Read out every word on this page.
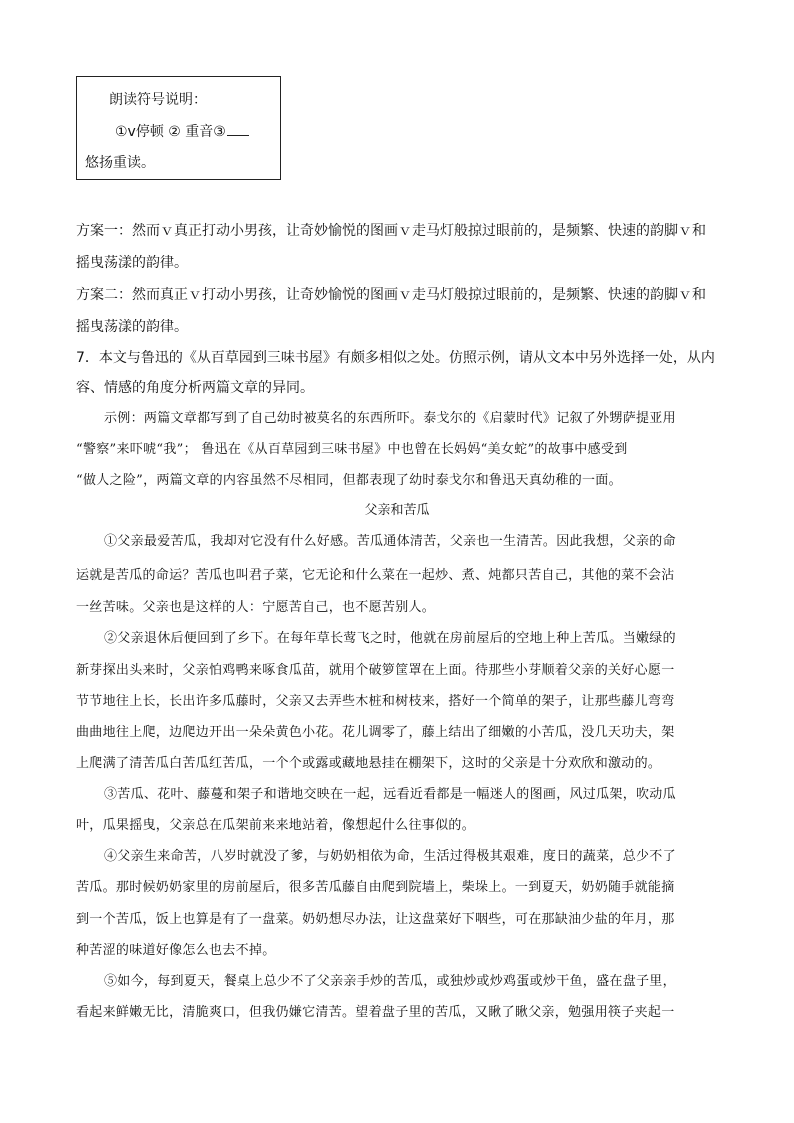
朗读符号说明：
①v停顿 ② 重音③
悠扬重读。
方案一：然而ｖ真正打动小男孩，让奇妙愉悦的图画ｖ走马灯般掠过眼前的，是频繁、快速的韵脚ｖ和
摇曳荡漾的韵律。
方案二：然而真正ｖ打动小男孩，让奇妙愉悦的图画ｖ走马灯般掠过眼前的，是频繁、快速的韵脚ｖ和
摇曳荡漾的韵律。
7．本文与鲁迅的《从百草园到三味书屋》有颇多相似之处。仿照示例，请从文本中另外选择一处，从内
容、情感的角度分析两篇文章的异同。
示例：两篇文章都写到了自己幼时被莫名的东西所吓。泰戈尔的《启蒙时代》记叙了外甥萨提亚用
“警察”来吓唬“我”； 鲁迅在《从百草园到三味书屋》中也曾在长妈妈“美女蛇”的故事中感受到
“做人之险”，两篇文章的内容虽然不尽相同，但都表现了幼时泰戈尔和鲁迅天真幼稚的一面。
父亲和苦瓜
①父亲最爱苦瓜，我却对它没有什么好感。苦瓜通体清苦，父亲也一生清苦。因此我想，父亲的命
运就是苦瓜的命运？苦瓜也叫君子菜，它无论和什么菜在一起炒、煮、炖都只苦自己，其他的菜不会沾
一丝苦味。父亲也是这样的人：宁愿苦自己，也不愿苦别人。
②父亲退休后便回到了乡下。在每年草长莺飞之时，他就在房前屋后的空地上种上苦瓜。当嫩绿的
新芽探出头来时，父亲怕鸡鸭来啄食瓜苗，就用个破箩筐罩在上面。待那些小芽顺着父亲的关好心愿一
节节地往上长，长出许多瓜藤时，父亲又去弄些木桩和树枝来，搭好一个简单的架子，让那些藤儿弯弯
曲曲地往上爬，边爬边开出一朵朵黄色小花。花儿调零了，藤上结出了细嫩的小苦瓜，没几天功夫，架
上爬满了清苦瓜白苦瓜红苦瓜，一个个或露或藏地悬挂在棚架下，这时的父亲是十分欢欣和激动的。
③苦瓜、花叶、藤蔓和架子和谐地交映在一起，远看近看都是一幅迷人的图画，风过瓜架，吹动瓜
叶，瓜果摇曳，父亲总在瓜架前来来地站着，像想起什么往事似的。
④父亲生来命苦，八岁时就没了爹，与奶奶相依为命，生活过得极其艰难，度日的蔬菜，总少不了
苦瓜。那时候奶奶家里的房前屋后，很多苦瓜藤自由爬到院墙上，柴垛上。一到夏天，奶奶随手就能摘
到一个苦瓜，饭上也算是有了一盘菜。奶奶想尽办法，让这盘菜好下咽些，可在那缺油少盐的年月，那
种苦涩的味道好像怎么也去不掉。
⑤如今，每到夏天，餐桌上总少不了父亲亲手炒的苦瓜，或独炒或炒鸡蛋或炒干鱼，盛在盘子里，
看起来鲜嫩无比，清脆爽口，但我仍嫌它清苦。望着盘子里的苦瓜，又瞅了瞅父亲，勉强用筷子夹起一
